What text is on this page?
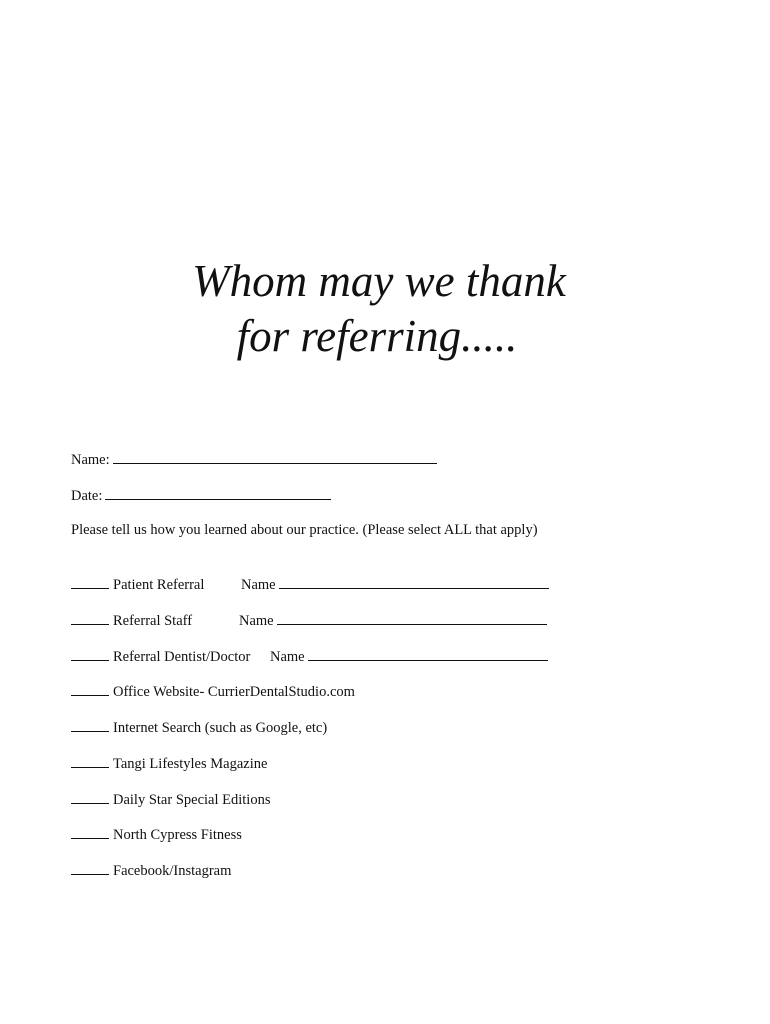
Whom may we thank
for referring.....
Name:
Date:
Please tell us how you learned about our practice. (Please select ALL that apply)
Patient Referral	Name
Referral Staff	Name
Referral Dentist/Doctor Name
Office Website- CurrierDentalStudio.com
Internet Search (such as Google, etc)
Tangi Lifestyles Magazine
Daily Star Special Editions
North Cypress Fitness
Facebook/Instagram
